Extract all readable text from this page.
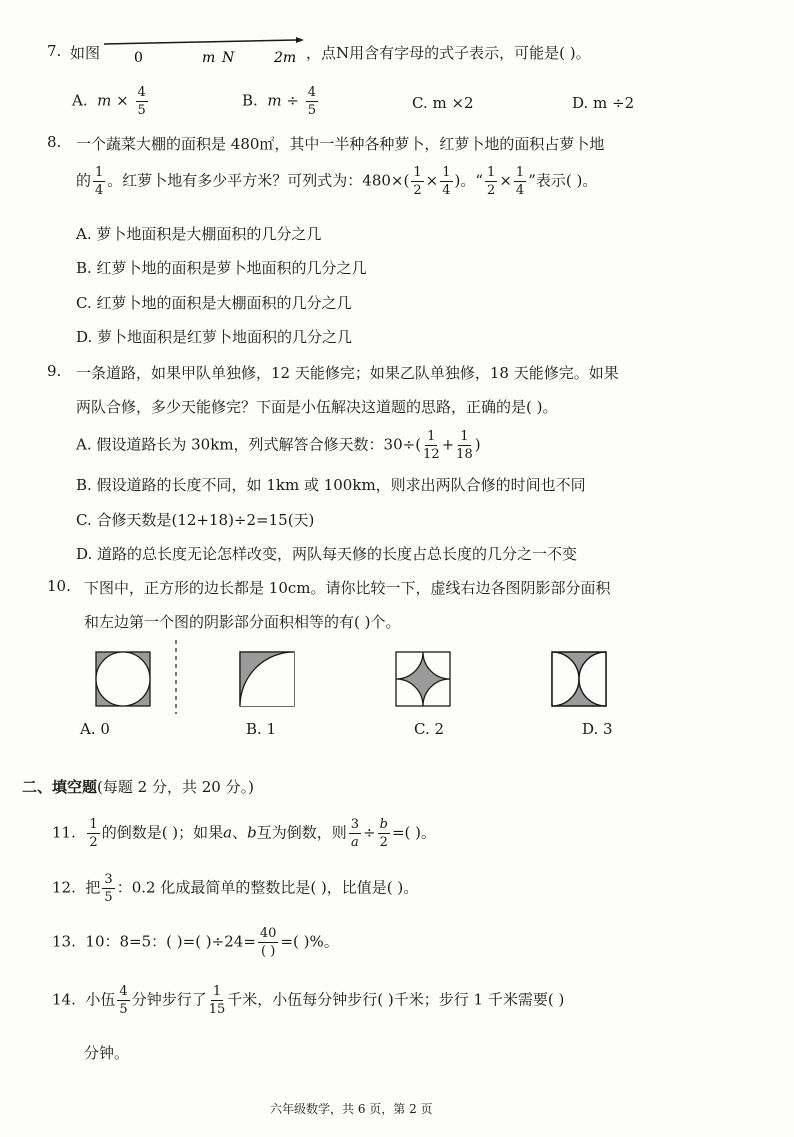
7. 如图 0	m N	2m ，点N用含有字母的式子表示，可能是( )。
A. $m \times \frac{4}{5}$	B. $m \div \frac{4}{5}$	C. m ×2	D. m ÷2
8. 一个蔬菜大棚的面积是 480㎡，其中一半种各种萝卜，红萝卜地的面积占萝卜地
的 $\frac{1}{4}$ 。红萝卜地有多少平方米？可列式为：$480\times( \frac{1}{2} \times \frac{1}{4}$ )。“ $\frac{1}{2} \times \frac{1}{4}$ ”表示( )。
A. 萝卜地面积是大棚面积的几分之几
B. 红萝卜地的面积是萝卜地面积的几分之几
C. 红萝卜地的面积是大棚面积的几分之几
D. 萝卜地面积是红萝卜地面积的几分之几
9. 一条道路，如果甲队单独修，12 天能修完；如果乙队单独修，18 天能修完。如果
两队合修，多少天能修完？下面是小伍解决这道题的思路，正确的是( )。
A. 假设道路长为 30km，列式解答合修天数：$30\div( \frac{1}{12} + \frac{1}{18}$ )
B. 假设道路的长度不同，如 1km 或 100km，则求出两队合修的时间也不同
C. 合修天数是(12+18)÷2=15(天)
D. 道路的总长度无论怎样改变，两队每天修的长度占总长度的几分之一不变
10. 下图中，正方形的边长都是 10cm。请你比较一下，虚线右边各图阴影部分面积
和左边第一个图的阴影部分面积相等的有( )个。
A. 0	B. 1	C. 2	D. 3
二、填空题(每题 2 分，共 20 分。)
11. $\frac{1}{2}$ 的倒数是( )；如果a、b互为倒数，则 $\frac{3}{a} \div \frac{b}{2}$ =( )。
12. 把 $\frac{3}{5}$ ：0.2 化成最简单的整数比是( )，比值是( )。
13. 10：8=5：( )=( )÷24= 40
( )
=( )%。
14. 小伍 $\frac{4}{5}$ 分钟步行了 $\frac{1}{15}$ 千米，小伍每分钟步行( )千米；步行 1 千米需要( )
分钟。
六年级数学，共 6 页，第 2 页
